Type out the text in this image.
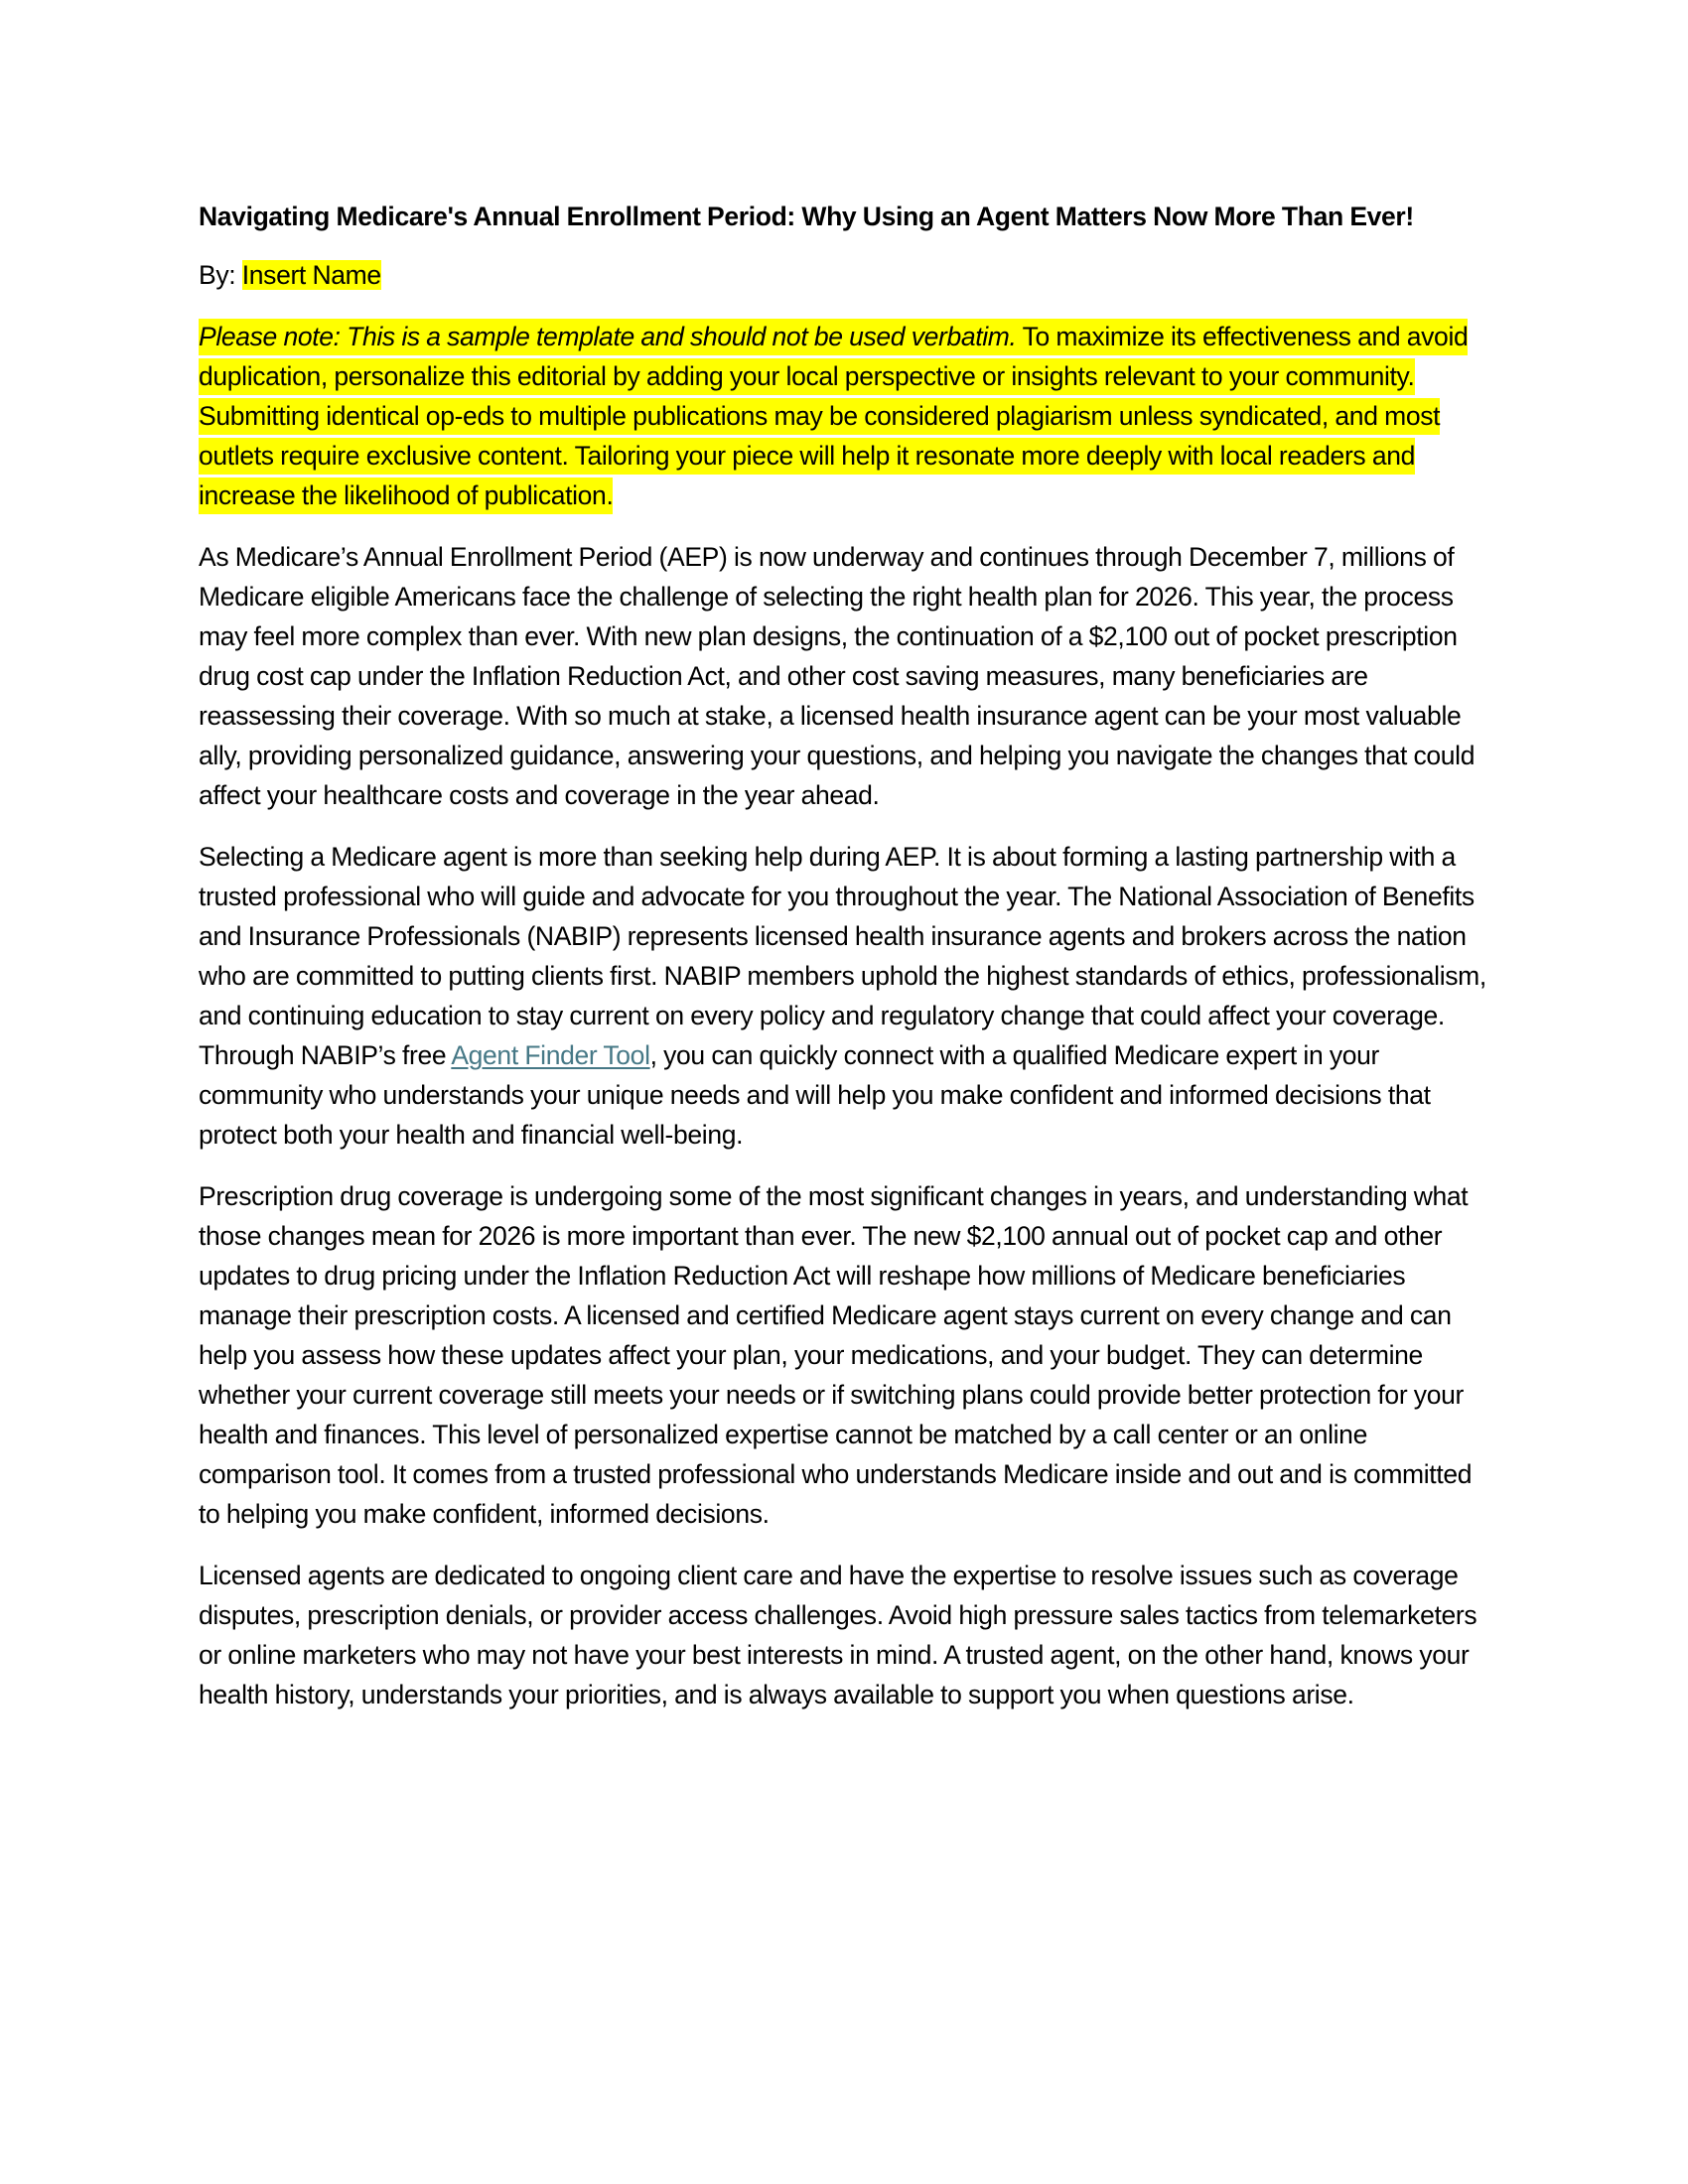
Navigating Medicare's Annual Enrollment Period: Why Using an Agent Matters Now More Than Ever!

By: Insert Name

Please note: This is a sample template and should not be used verbatim. To maximize its effectiveness and avoid duplication, personalize this editorial by adding your local perspective or insights relevant to your community. Submitting identical op-eds to multiple publications may be considered plagiarism unless syndicated, and most outlets require exclusive content. Tailoring your piece will help it resonate more deeply with local readers and increase the likelihood of publication.

As Medicare’s Annual Enrollment Period (AEP) is now underway and continues through December 7, millions of Medicare eligible Americans face the challenge of selecting the right health plan for 2026. This year, the process may feel more complex than ever. With new plan designs, the continuation of a $2,100 out of pocket prescription drug cost cap under the Inflation Reduction Act, and other cost saving measures, many beneficiaries are reassessing their coverage. With so much at stake, a licensed health insurance agent can be your most valuable ally, providing personalized guidance, answering your questions, and helping you navigate the changes that could affect your healthcare costs and coverage in the year ahead.

Selecting a Medicare agent is more than seeking help during AEP. It is about forming a lasting partnership with a trusted professional who will guide and advocate for you throughout the year. The National Association of Benefits and Insurance Professionals (NABIP) represents licensed health insurance agents and brokers across the nation who are committed to putting clients first. NABIP members uphold the highest standards of ethics, professionalism, and continuing education to stay current on every policy and regulatory change that could affect your coverage. Through NABIP’s free Agent Finder Tool, you can quickly connect with a qualified Medicare expert in your community who understands your unique needs and will help you make confident and informed decisions that protect both your health and financial well-being.

Prescription drug coverage is undergoing some of the most significant changes in years, and understanding what those changes mean for 2026 is more important than ever. The new $2,100 annual out of pocket cap and other updates to drug pricing under the Inflation Reduction Act will reshape how millions of Medicare beneficiaries manage their prescription costs. A licensed and certified Medicare agent stays current on every change and can help you assess how these updates affect your plan, your medications, and your budget. They can determine whether your current coverage still meets your needs or if switching plans could provide better protection for your health and finances. This level of personalized expertise cannot be matched by a call center or an online comparison tool. It comes from a trusted professional who understands Medicare inside and out and is committed to helping you make confident, informed decisions.

Licensed agents are dedicated to ongoing client care and have the expertise to resolve issues such as coverage disputes, prescription denials, or provider access challenges. Avoid high pressure sales tactics from telemarketers or online marketers who may not have your best interests in mind. A trusted agent, on the other hand, knows your health history, understands your priorities, and is always available to support you when questions arise.
